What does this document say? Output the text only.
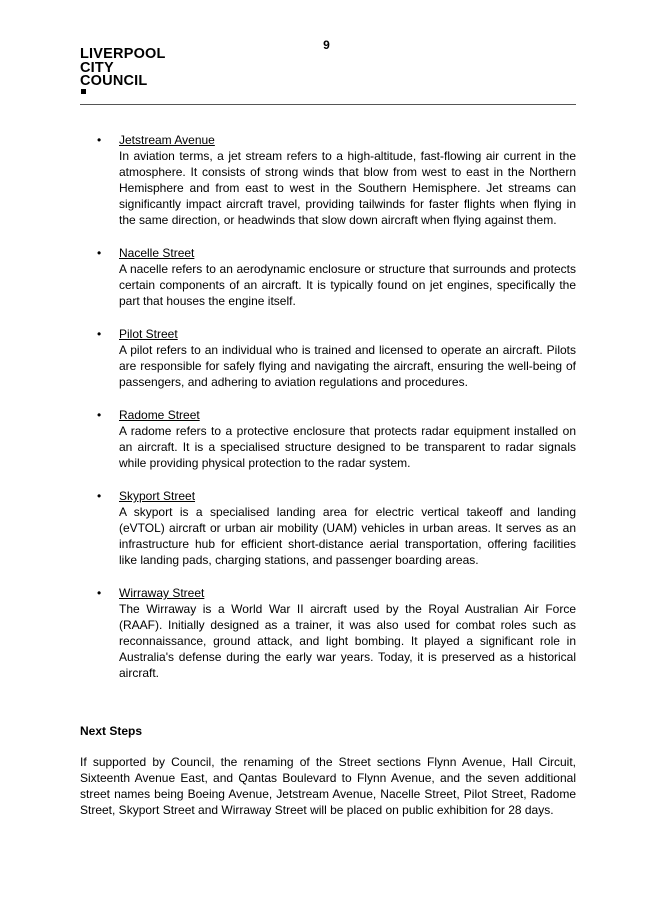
9
LIVERPOOL
CITY
COUNCIL
• Jetstream Avenue
In aviation terms, a jet stream refers to a high-altitude, fast-flowing air current in the atmosphere. It consists of strong winds that blow from west to east in the Northern Hemisphere and from east to west in the Southern Hemisphere. Jet streams can significantly impact aircraft travel, providing tailwinds for faster flights when flying in the same direction, or headwinds that slow down aircraft when flying against them.
• Nacelle Street
A nacelle refers to an aerodynamic enclosure or structure that surrounds and protects certain components of an aircraft. It is typically found on jet engines, specifically the part that houses the engine itself.
• Pilot Street
A pilot refers to an individual who is trained and licensed to operate an aircraft. Pilots are responsible for safely flying and navigating the aircraft, ensuring the well-being of passengers, and adhering to aviation regulations and procedures.
• Radome Street
A radome refers to a protective enclosure that protects radar equipment installed on an aircraft. It is a specialised structure designed to be transparent to radar signals while providing physical protection to the radar system.
• Skyport Street
A skyport is a specialised landing area for electric vertical takeoff and landing (eVTOL) aircraft or urban air mobility (UAM) vehicles in urban areas. It serves as an infrastructure hub for efficient short-distance aerial transportation, offering facilities like landing pads, charging stations, and passenger boarding areas.
• Wirraway Street
The Wirraway is a World War II aircraft used by the Royal Australian Air Force (RAAF). Initially designed as a trainer, it was also used for combat roles such as reconnaissance, ground attack, and light bombing. It played a significant role in Australia's defense during the early war years. Today, it is preserved as a historical aircraft.
Next Steps

If supported by Council, the renaming of the Street sections Flynn Avenue, Hall Circuit, Sixteenth Avenue East, and Qantas Boulevard to Flynn Avenue, and the seven additional street names being Boeing Avenue, Jetstream Avenue, Nacelle Street, Pilot Street, Radome Street, Skyport Street and Wirraway Street will be placed on public exhibition for 28 days.
